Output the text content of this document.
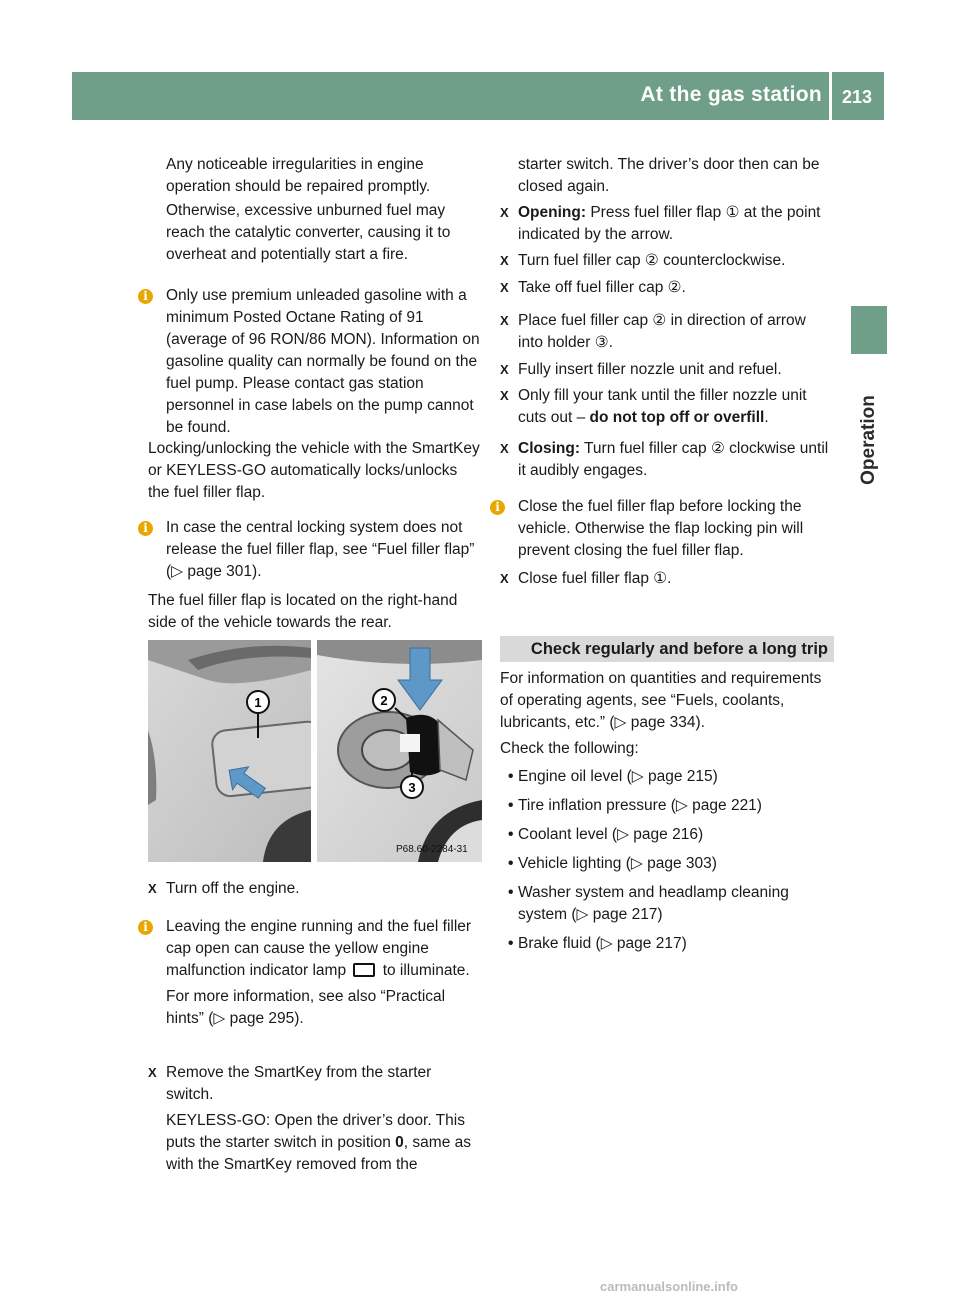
At the gas station 213
Operation

Any noticeable irregularities in engine operation should be repaired promptly.

Otherwise, excessive unburned fuel may reach the catalytic converter, causing it to overheat and potentially start a fire.

i	Only use premium unleaded gasoline with a minimum Posted Octane Rating of 91 (average of 96 RON/86 MON). Information on gasoline quality can normally be found on the fuel pump. Please contact gas station personnel in case labels on the pump cannot be found.

Locking/unlocking the vehicle with the SmartKey or KEYLESS-GO automatically locks/unlocks the fuel filler flap.

i	In case the central locking system does not release the fuel filler flap, see “Fuel filler flap” (▷ page 301).

The fuel filler flap is located on the right-hand side of the vehicle towards the rear.

1	2
3
P68.60-2284-31
X Turn off the engine.

i	Leaving the engine running and the fuel filler cap open can cause the yellow engine malfunction indicator lamp to illuminate.

For more information, see also “Practical hints” (▷ page 295).

X Remove the SmartKey from the starter switch.

KEYLESS-GO: Open the driver’s door. This puts the starter switch in position 0, same as with the SmartKey removed from the

starter switch. The driver’s door then can be closed again.

X Opening: Press fuel filler flap ① at the point indicated by the arrow.

X Turn fuel filler cap ② counterclockwise.

X Take off fuel filler cap ②.

X Place fuel filler cap ② in direction of arrow into holder ③.

X Fully insert filler nozzle unit and refuel.

X Only fill your tank until the filler nozzle unit cuts out – do not top off or overfill.

X Closing: Turn fuel filler cap ② clockwise until it audibly engages.

i	Close the fuel filler flap before locking the vehicle. Otherwise the flap locking pin will prevent closing the fuel filler flap.

X Close fuel filler flap ①.

Check regularly and before a long trip

For information on quantities and requirements of operating agents, see “Fuels, coolants, lubricants, etc.” (▷ page 334).

Check the following:

• Engine oil level (▷ page 215)

• Tire inflation pressure (▷ page 221)

• Coolant level (▷ page 216)

• Vehicle lighting (▷ page 303)

• Washer system and headlamp cleaning system (▷ page 217)

• Brake fluid (▷ page 217)

carmanualsonline.info
